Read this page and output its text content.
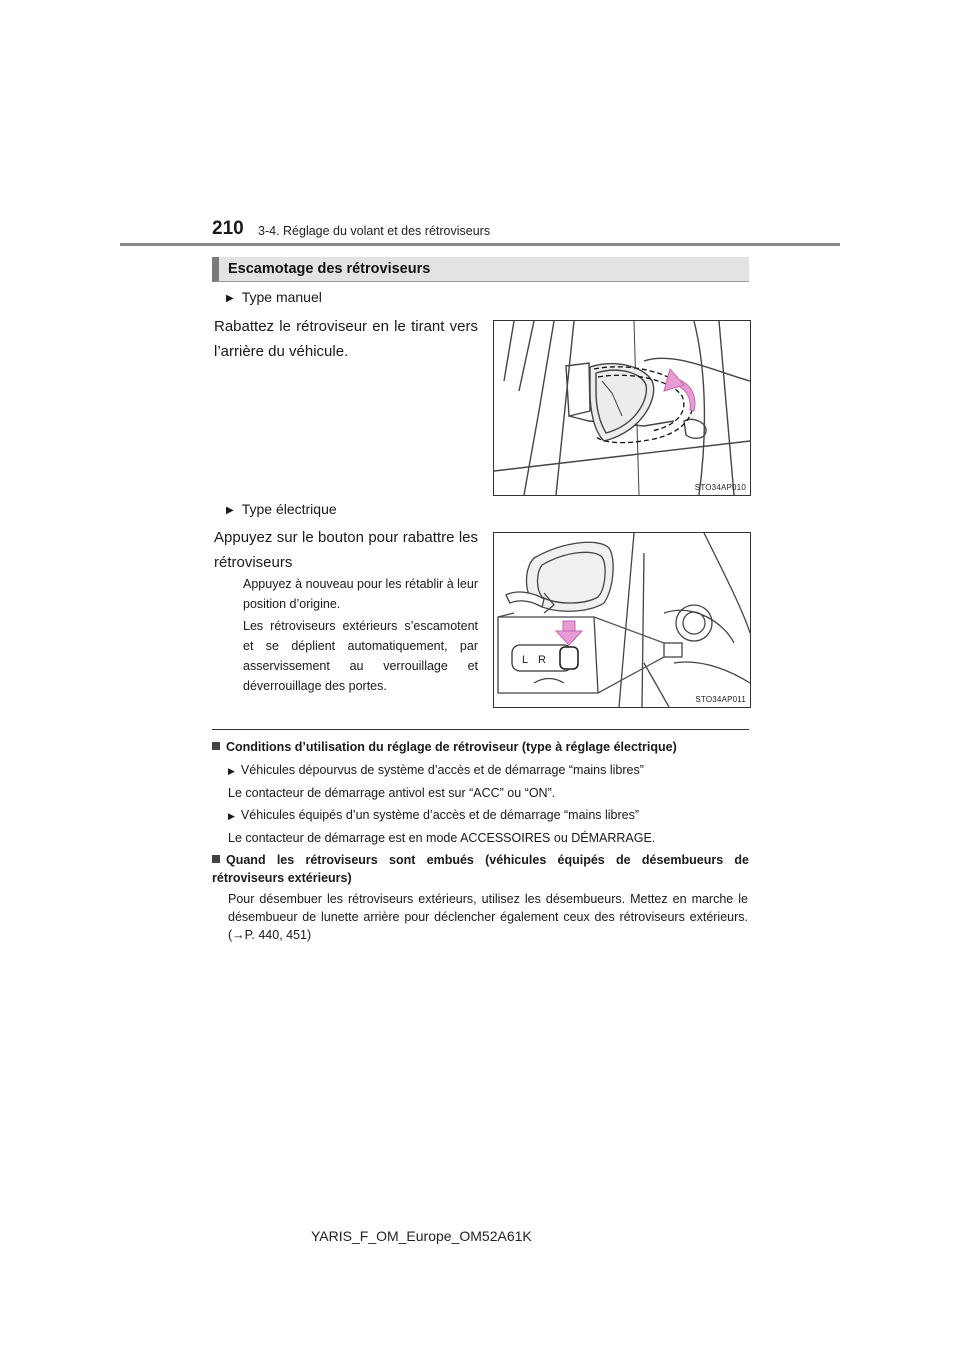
210 3-4. Réglage du volant et des rétroviseurs
Escamotage des rétroviseurs
▶ Type manuel
Rabattez le rétroviseur en le tirant vers l’arrière du véhicule.
STO34AP010
▶ Type électrique
Appuyez sur le bouton pour rabattre les rétroviseurs
Appuyez à nouveau pour les rétablir à leur position d’origine.
Les rétroviseurs extérieurs s’escamotent et se déplient automatiquement, par asservissement au verrouillage et déverrouillage des portes.
L R
STO34AP011
Conditions d’utilisation du réglage de rétroviseur (type à réglage électrique)
▶ Véhicules dépourvus de système d’accès et de démarrage “mains libres”
Le contacteur de démarrage antivol est sur “ACC” ou “ON”.
▶ Véhicules équipés d’un système d’accès et de démarrage “mains libres”
Le contacteur de démarrage est en mode ACCESSOIRES ou DÉMARRAGE.
Quand les rétroviseurs sont embués (véhicules équipés de désembueurs de rétroviseurs extérieurs)
Pour désembuer les rétroviseurs extérieurs, utilisez les désembueurs. Mettez en marche le désembueur de lunette arrière pour déclencher également ceux des rétroviseurs extérieurs. (→P. 440, 451)
YARIS_F_OM_Europe_OM52A61K
